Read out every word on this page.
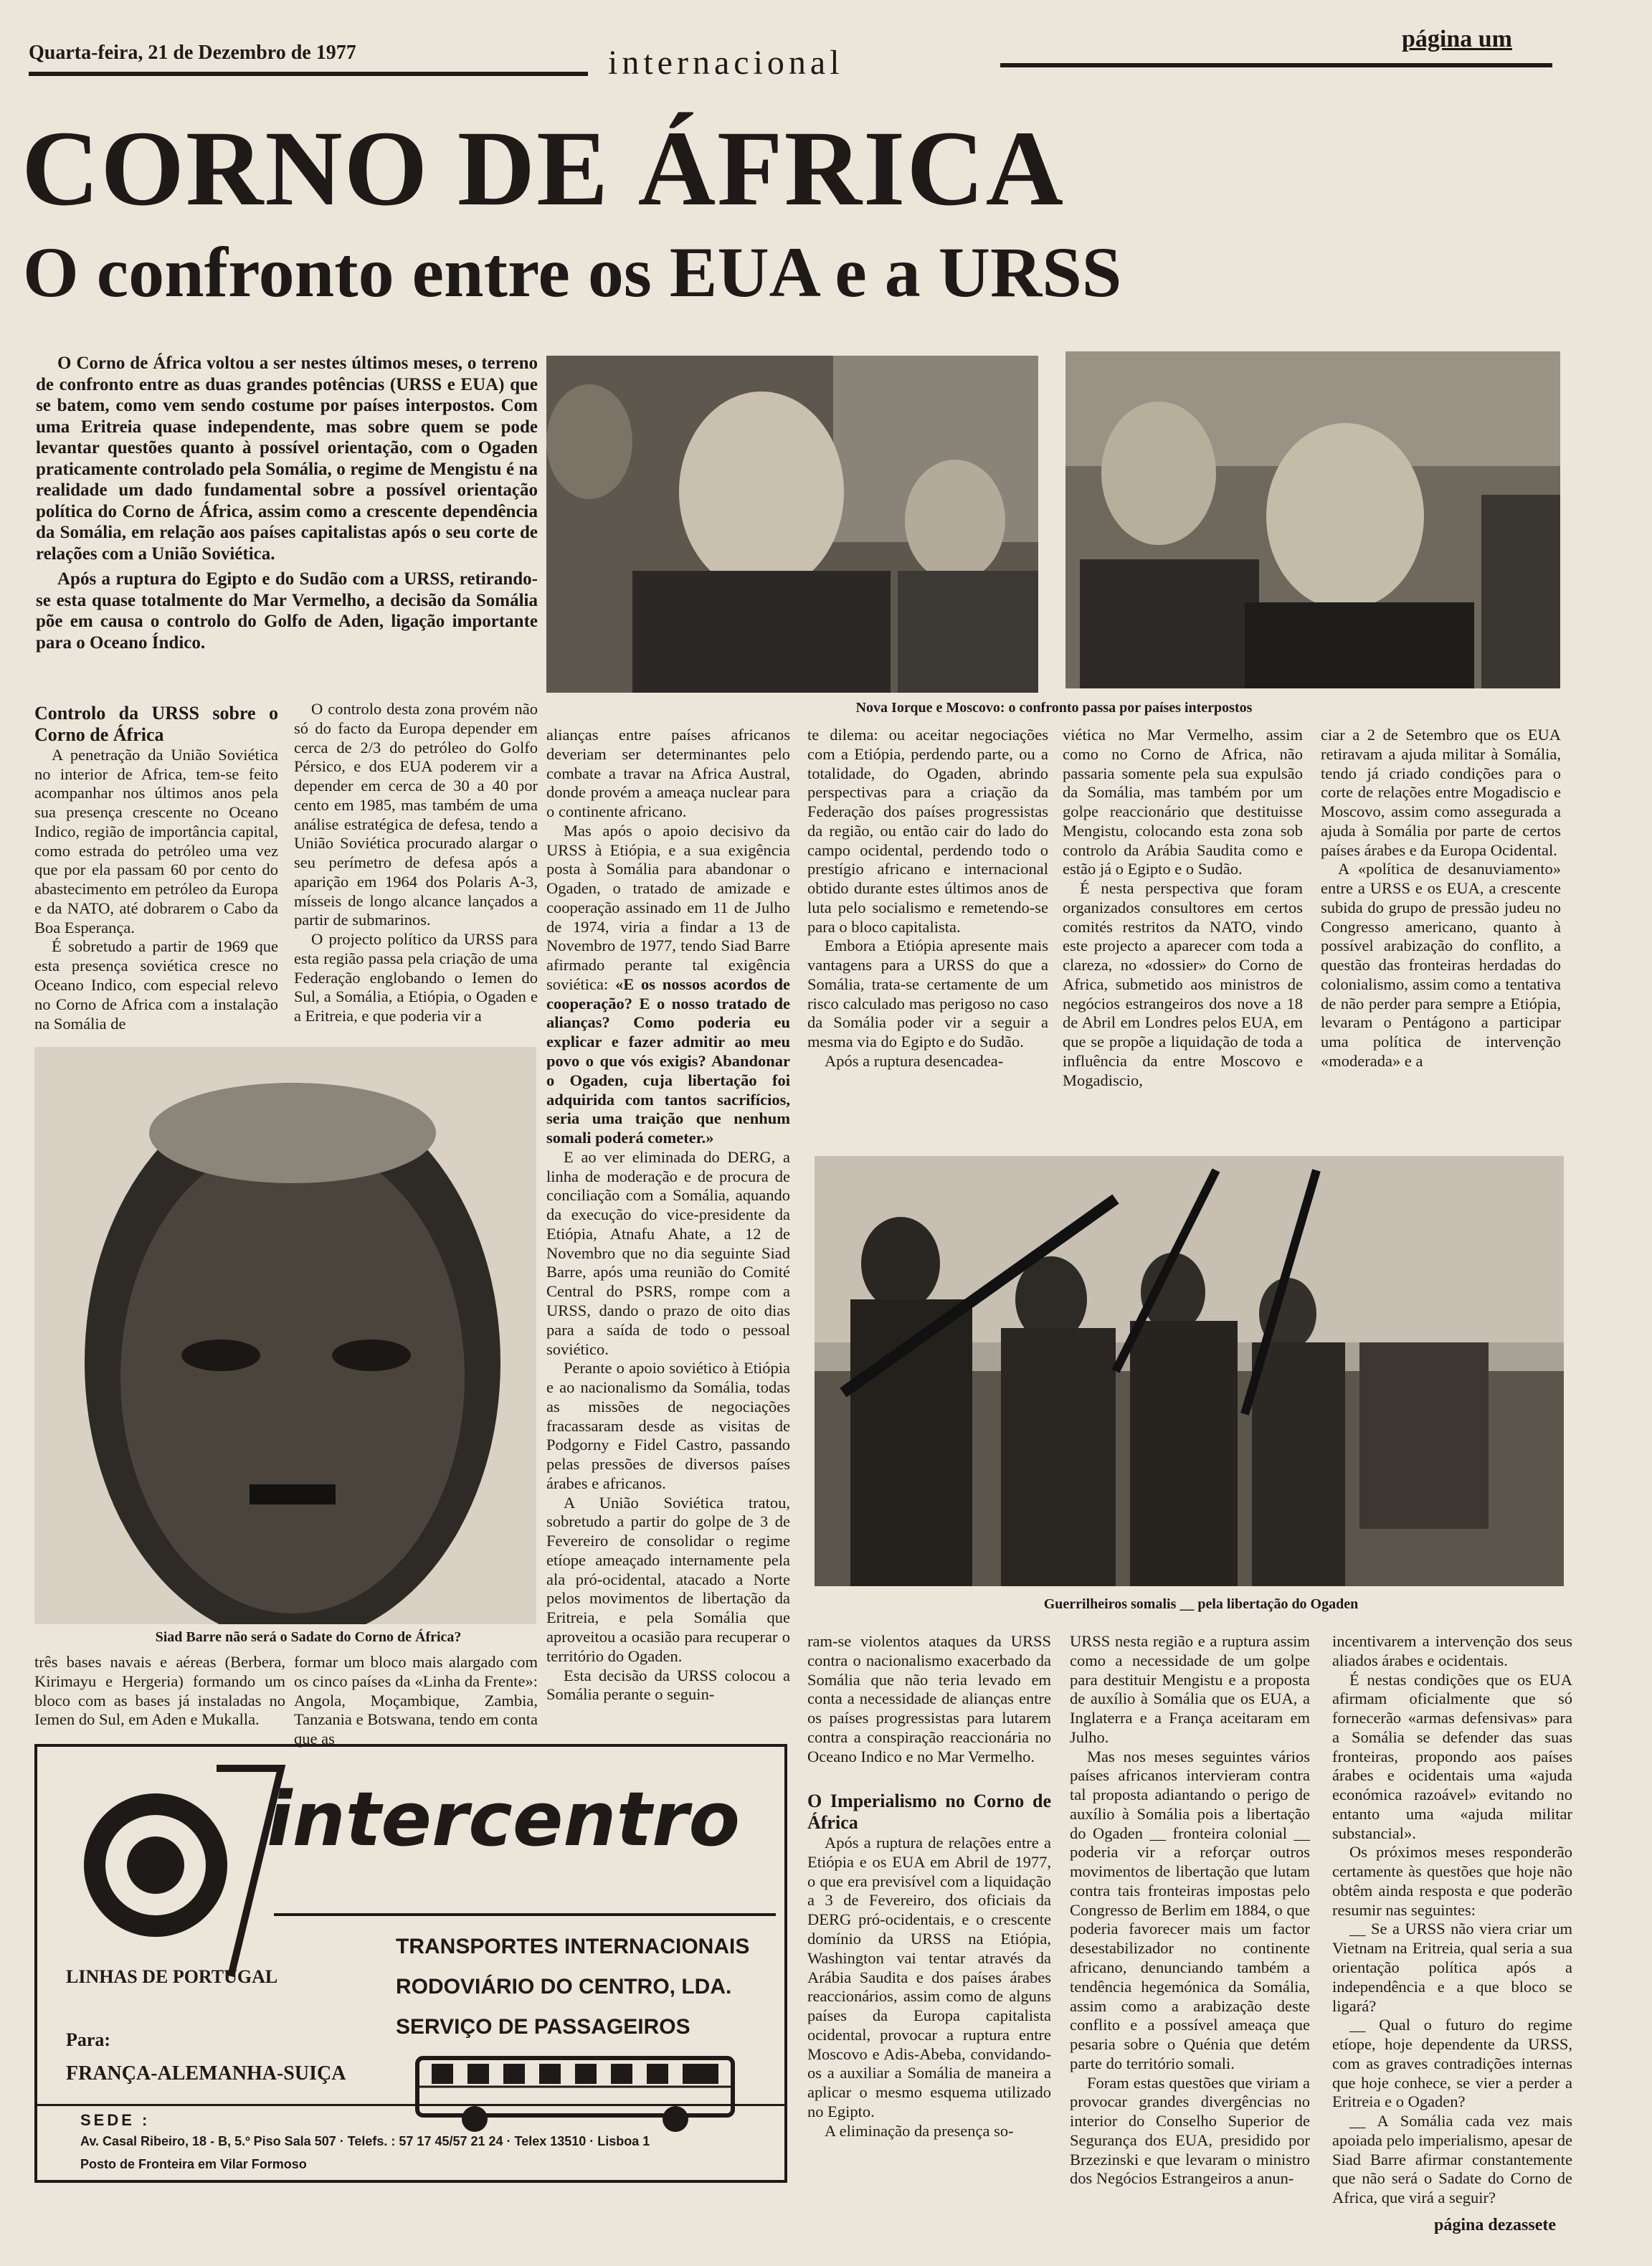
Quarta-feira, 21 de Dezembro de 1977	internacional
página um
CORNO DE ÁFRICA
O confronto entre os EUA e a URSS

O Corno de África voltou a ser nestes últimos meses, o terreno de confronto entre as duas grandes potências (URSS e EUA) que se batem, como vem sendo costume por países interpostos. Com uma Eritreia quase independente, mas sobre quem se pode levantar questões quanto à possível orientação, com o Ogaden praticamente controlado pela Somália, o regime de Mengistu é na realidade um dado fundamental sobre a possível orientação política do Corno de África, assim como a crescente dependência da Somália, em relação aos países capitalistas após o seu corte de relações com a União Soviética.

Após a ruptura do Egipto e do Sudão com a URSS, retirando-se esta quase totalmente do Mar Vermelho, a decisão da Somália põe em causa o controlo do Golfo de Aden, ligação importante para o Oceano Índico.

Nova Iorque e Moscovo: o confronto passa por países interpostos

Controlo da URSS sobre o Corno de África

A penetração da União Soviética no interior de Africa, tem-se feito acompanhar nos últimos anos pela sua presença crescente no Oceano Indico, região de importância capital, como estrada do petróleo uma vez que por ela passam 60 por cento do abastecimento em petróleo da Europa e da NATO, até dobrarem o Cabo da Boa Esperança.

É sobretudo a partir de 1969 que esta presença soviética cresce no Oceano Indico, com especial relevo no Corno de Africa com a instalação na Somália de

O controlo desta zona provém não só do facto da Europa depender em cerca de 2/3 do petróleo do Golfo Pérsico, e dos EUA poderem vir a depender em cerca de 30 a 40 por cento em 1985, mas também de uma análise estratégica de defesa, tendo a União Soviética procurado alargar o seu perímetro de defesa após a aparição em 1964 dos Polaris A-3, mísseis de longo alcance lançados a partir de submarinos.

O projecto político da URSS para esta região passa pela criação de uma Federação englobando o Iemen do Sul, a Somália, a Etiópia, o Ogaden e a Eritreia, e que poderia vir a

Siad Barre não será o Sadate do Corno de África?

três bases navais e aéreas (Berbera, Kirimayu e Hergeria) formando um bloco com as bases já instaladas no Iemen do Sul, em Aden e Mukalla.

formar um bloco mais alargado com os cinco países da «Linha da Frente»: Angola, Moçambique, Zambia, Tanzania e Botswana, tendo em conta que as

alianças entre países africanos deveriam ser determinantes pelo combate a travar na Africa Austral, donde provém a ameaça nuclear para o continente africano.

Mas após o apoio decisivo da URSS à Etiópia, e a sua exigência posta à Somália para abandonar o Ogaden, o tratado de amizade e cooperação assinado em 11 de Julho de 1974, viria a findar a 13 de Novembro de 1977, tendo Siad Barre afirmado perante tal exigência soviética: «E os nossos acordos de cooperação? E o nosso tratado de alianças? Como poderia eu explicar e fazer admitir ao meu povo o que vós exigis? Abandonar o Ogaden, cuja libertação foi adquirida com tantos sacrifícios, seria uma traição que nenhum somali poderá cometer.»

E ao ver eliminada do DERG, a linha de moderação e de procura de conciliação com a Somália, aquando da execução do vice-presidente da Etiópia, Atnafu Ahate, a 12 de Novembro que no dia seguinte Siad Barre, após uma reunião do Comité Central do PSRS, rompe com a URSS, dando o prazo de oito dias para a saída de todo o pessoal soviético.

Perante o apoio soviético à Etiópia e ao nacionalismo da Somália, todas as missões de negociações fracassaram desde as visitas de Podgorny e Fidel Castro, passando pelas pressões de diversos países árabes e africanos.

A União Soviética tratou, sobretudo a partir do golpe de 3 de Fevereiro de consolidar o regime etíope ameaçado internamente pela ala pró-ocidental, atacado a Norte pelos movimentos de libertação da Eritreia, e pela Somália que aproveitou a ocasião para recuperar o território do Ogaden.

Esta decisão da URSS colocou a Somália perante o seguin-

te dilema: ou aceitar negociações com a Etiópia, perdendo parte, ou a totalidade, do Ogaden, abrindo perspectivas para a criação da Federação dos países progressistas da região, ou então cair do lado do campo ocidental, perdendo todo o prestígio africano e internacional obtido durante estes últimos anos de luta pelo socialismo e remetendo-se para o bloco capitalista.

Embora a Etiópia apresente mais vantagens para a URSS do que a Somália, trata-se certamente de um risco calculado mas perigoso no caso da Somália poder vir a seguir a mesma via do Egipto e do Sudão.

Após a ruptura desencadea-

viética no Mar Vermelho, assim como no Corno de Africa, não passaria somente pela sua expulsão da Somália, mas também por um golpe reaccionário que destituisse Mengistu, colocando esta zona sob controlo da Arábia Saudita como e estão já o Egipto e o Sudão.

É nesta perspectiva que foram organizados consultores em certos comités restritos da NATO, vindo este projecto a aparecer com toda a clareza, no «dossier» do Corno de Africa, submetido aos ministros de negócios estrangeiros dos nove a 18 de Abril em Londres pelos EUA, em que se propõe a liquidação de toda a influência da entre Moscovo e Mogadiscio,

ciar a 2 de Setembro que os EUA retiravam a ajuda militar à Somália, tendo já criado condições para o corte de relações entre Mogadiscio e Moscovo, assim como assegurada a ajuda à Somália por parte de certos países árabes e da Europa Ocidental.

A «política de desanuviamento» entre a URSS e os EUA, a crescente subida do grupo de pressão judeu no Congresso americano, quanto à possível arabização do conflito, a questão das fronteiras herdadas do colonialismo, assim como a tentativa de não perder para sempre a Etiópia, levaram o Pentágono a participar uma política de intervenção «moderada» e a

Guerrilheiros somalis __ pela libertação do Ogaden

ram-se violentos ataques da URSS contra o nacionalismo exacerbado da Somália que não teria levado em conta a necessidade de alianças entre os países progressistas para lutarem contra a conspiração reaccionária no Oceano Indico e no Mar Vermelho.

O Imperialismo no Corno de África

Após a ruptura de relações entre a Etiópia e os EUA em Abril de 1977, o que era previsível com a liquidação a 3 de Fevereiro, dos oficiais da DERG pró-ocidentais, e o crescente domínio da URSS na Etiópia, Washington vai tentar através da Arábia Saudita e dos países árabes reaccionários, assim como de alguns países da Europa capitalista ocidental, provocar a ruptura entre Moscovo e Adis-Abeba, convidando-os a auxiliar a Somália de maneira a aplicar o mesmo esquema utilizado no Egipto.

A eliminação da presença so-

URSS nesta região e a ruptura assim como a necessidade de um golpe para destituir Mengistu e a proposta de auxílio à Somália que os EUA, a Inglaterra e a França aceitaram em Julho.

Mas nos meses seguintes vários países africanos intervieram contra tal proposta adiantando o perigo de auxílio à Somália pois a libertação do Ogaden __ fronteira colonial __ poderia vir a reforçar outros movimentos de libertação que lutam contra tais fronteiras impostas pelo Congresso de Berlim em 1884, o que poderia favorecer mais um factor desestabilizador no continente africano, denunciando também a tendência hegemónica da Somália, assim como a arabização deste conflito e a possível ameaça que pesaria sobre o Quénia que detém parte do território somali.

Foram estas questões que viriam a provocar grandes divergências no interior do Conselho Superior de Segurança dos EUA, presidido por Brzezinski e que levaram o ministro dos Negócios Estrangeiros a anun-

incentivarem a intervenção dos seus aliados árabes e ocidentais.

É nestas condições que os EUA afirmam oficialmente que só fornecerão «armas defensivas» para a Somália se defender das suas fronteiras, propondo aos países árabes e ocidentais uma «ajuda económica razoável» evitando no entanto uma «ajuda militar substancial».

Os próximos meses responderão certamente às questões que hoje não obtêm ainda resposta e que poderão resumir nas seguintes:

__ Se a URSS não viera criar um Vietnam na Eritreia, qual seria a sua orientação política após a independência e a que bloco se ligará?

__ Qual o futuro do regime etíope, hoje dependente da URSS, com as graves contradições internas que hoje conhece, se vier a perder a Eritreia e o Ogaden?

__ A Somália cada vez mais apoiada pelo imperialismo, apesar de Siad Barre afirmar constantemente que não será o Sadate do Corno de Africa, que virá a seguir?

intercentro
TRANSPORTES INTERNACIONAIS
RODOVIÁRIO DO CENTRO, LDA.
SERVIÇO DE PASSAGEIROS
LINHAS DE PORTUGAL
Para:
FRANÇA-ALEMANHA-SUIÇA
SEDE :
Av. Casal Ribeiro, 18 - B, 5.º Piso Sala 507 · Telefs. : 57 17 45/57 21 24 · Telex 13510 · Lisboa 1
Posto de Fronteira em Vilar Formoso
página dezassete
